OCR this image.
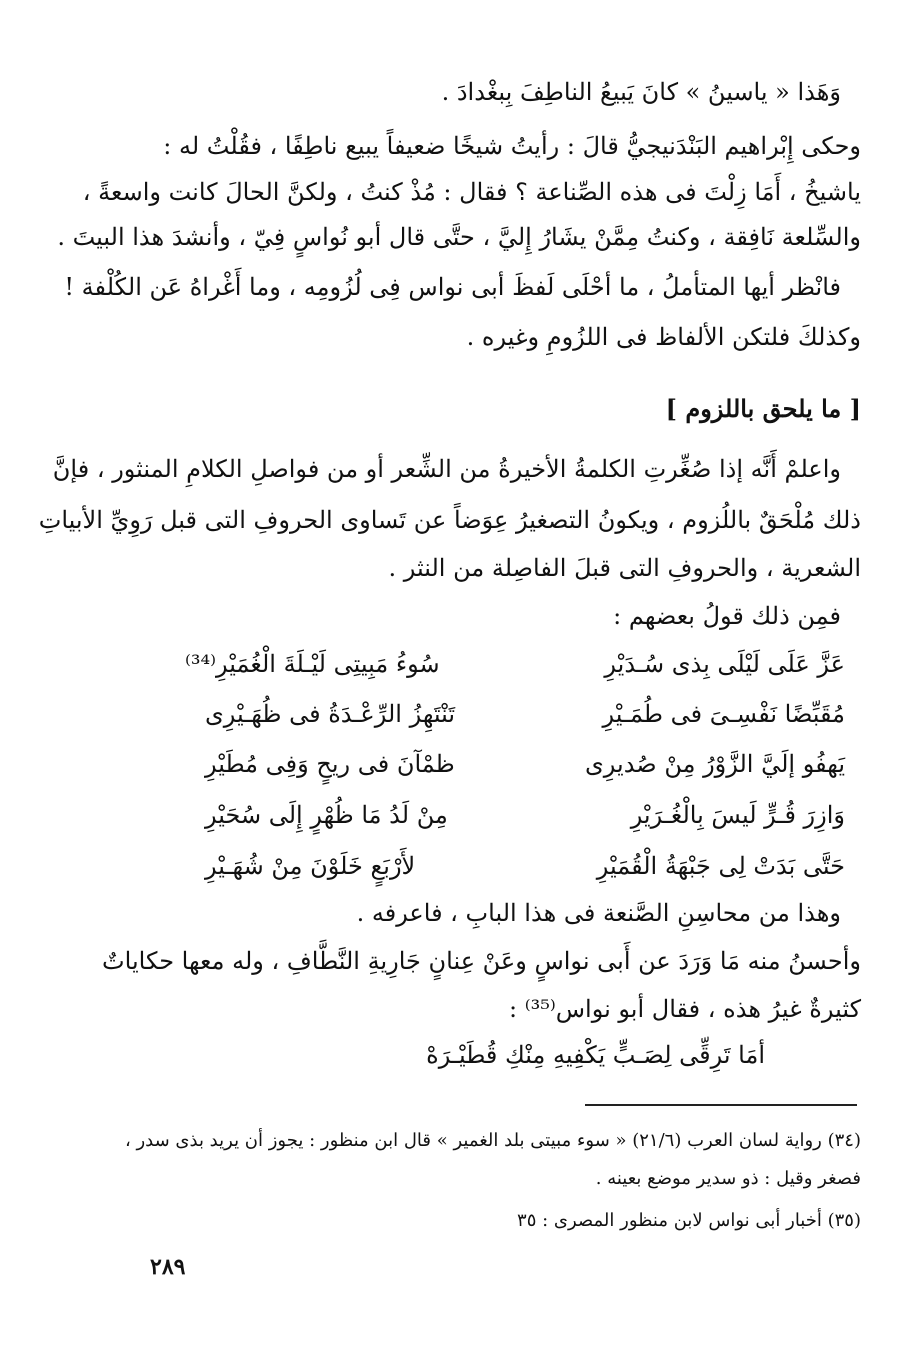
وَهَذا « ياسينُ » كانَ يَبيعُ الناطِفَ بِبغْدادَ .
وحكى إِبْراهيم البَنْدَنيجيُّ قالَ : رأيتُ شيخًا ضعيفاً يبيع ناطِفًا ، فقُلْتُ له :
ياشيخُ ، أَمَا زِلْتَ فى هذه الصِّناعة ؟ فقال : مُذْ كنتُ ، ولكنَّ الحالَ كانت واسعةً ،
والسِّلعة نَافِقة ، وكنتُ مِمَّنْ يشَارُ إِليَّ ، حتَّى قال أبو نُواسٍ فِيّ ، وأنشدَ هذا البيتَ .
فانْظر أيها المتأملُ ، ما أحْلَى لَفظَ أبى نواس فِى لُزُومِه ، وما أَغْراهُ عَن الكُلْفة !
وكذلكَ فلتكن الألفاظ فى اللزُومِ وغيره .
[ ما يلحق باللزوم ]
واعلمْ أَنَّه إذا صُغِّرتِ الكلمةُ الأخيرةُ من الشِّعر أو من فواصلِ الكلامِ المنثور ، فإنَّ
ذلك مُلْحَقٌ باللُزوم ، ويكونُ التصغيرُ عِوَضاً عن تَساوى الحروفِ التى قبل رَوِيِّ الأبياتِ
الشعرية ، والحروفِ التى قبلَ الفاصِلة من النثر .
فمِن ذلك قولُ بعضهم :
عَزَّ عَلَى لَيْلَى بِذى سُـدَيْرِ
سُوءُ مَبِيتِى لَيْـلَةَ الْغُمَيْرِ⁽³⁴⁾
مُقَبِّضًا نَفْسِـىَ فى طُمَـيْرِ
تَنْتَهِزُ الرِّعْـدَةُ فى ظُهَـيْرِى
يَهفُو إلَيَّ الزَّوْرُ مِنْ صُديرِى
ظمْآنَ فى ريحٍ وَفِى مُطَيْرِ
وَازِرَ قُـرٍّ لَيسَ بِالْغُـرَيْرِ
مِنْ لَدُ مَا ظُهْرٍ إِلَى سُحَيْرِ
حَتَّى بَدَتْ لِى جَبْهَةُ الْقُمَيْرِ
لأَرْبَعٍ خَلَوْنَ مِنْ شُهَـيْرِ
وهذا من محاسِنِ الصَّنعة فى هذا البابِ ، فاعرفه .
وأحسنُ منه مَا وَرَدَ عن أَبى نواسٍ وعَنْ عِنانٍ جَارِيةِ النَّطَّافِ ، وله معها حكاياتٌ
كثيرةٌ غيرُ هذه ، فقال أبو نواس⁽³⁵⁾ :
أمَا تَرِقِّى لِصَـبٍّ يَكْفِيهِ مِنْكِ قُطَيْـرَهْ
(٣٤) رواية لسان العرب (٢١/٦) « سوء مبيتى بلد الغمير » قال ابن منظور : يجوز أن يريد بذى سدر ،
فصغر وقيل : ذو سدير موضع بعينه .
(٣٥) أخبار أبى نواس لابن منظور المصرى : ٣٥
٢٨٩
